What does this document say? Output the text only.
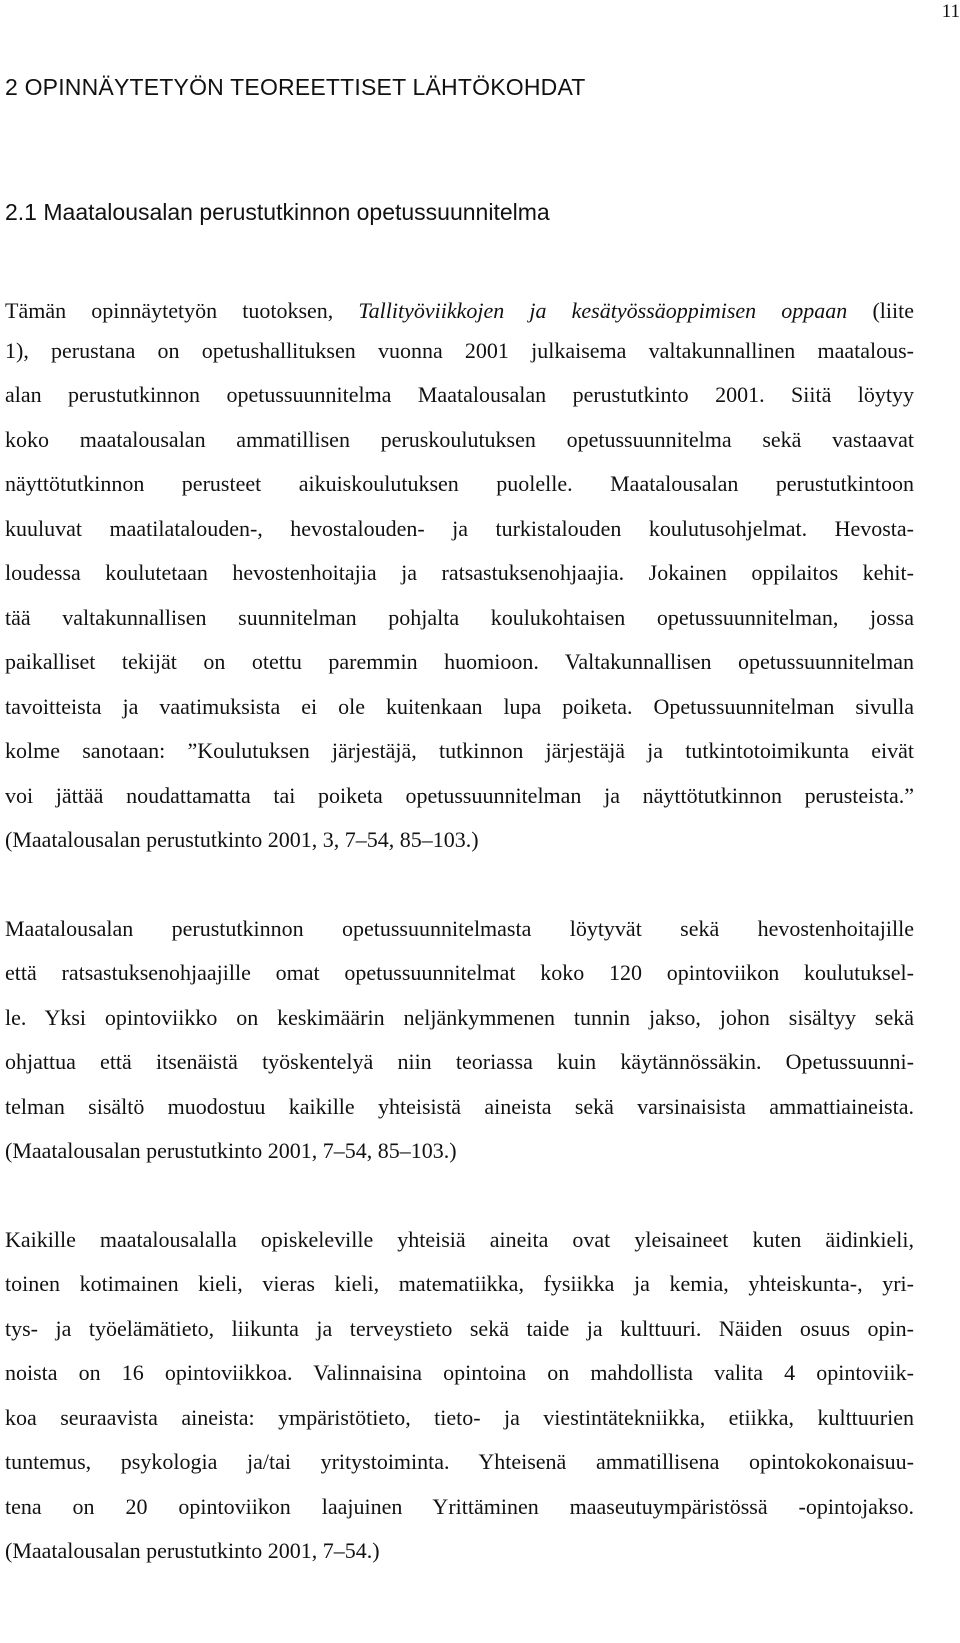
11
2 OPINNÄYTETYÖN TEOREETTISET LÄHTÖKOHDAT
2.1 Maatalousalan perustutkinnon opetussuunnitelma
Tämän opinnäytetyön tuotoksen, Tallityöviikkojen ja kesätyössäoppimisen oppaan (liite
1), perustana on opetushallituksen vuonna 2001 julkaisema valtakunnallinen maatalous-
alan perustutkinnon opetussuunnitelma Maatalousalan perustutkinto 2001. Siitä löytyy
koko maatalousalan ammatillisen peruskoulutuksen opetussuunnitelma sekä vastaavat
näyttötutkinnon perusteet aikuiskoulutuksen puolelle. Maatalousalan perustutkintoon
kuuluvat maatilatalouden-, hevostalouden- ja turkistalouden koulutusohjelmat. Hevosta-
loudessa koulutetaan hevostenhoitajia ja ratsastuksenohjaajia. Jokainen oppilaitos kehit-
tää valtakunnallisen suunnitelman pohjalta koulukohtaisen opetussuunnitelman, jossa
paikalliset tekijät on otettu paremmin huomioon. Valtakunnallisen opetussuunnitelman
tavoitteista ja vaatimuksista ei ole kuitenkaan lupa poiketa. Opetussuunnitelman sivulla
kolme sanotaan: ”Koulutuksen järjestäjä, tutkinnon järjestäjä ja tutkintotoimikunta eivät
voi jättää noudattamatta tai poiketa opetussuunnitelman ja näyttötutkinnon perusteista.”
(Maatalousalan perustutkinto 2001, 3, 7–54, 85–103.)
Maatalousalan perustutkinnon opetussuunnitelmasta löytyvät sekä hevostenhoitajille
että ratsastuksenohjaajille omat opetussuunnitelmat koko 120 opintoviikon koulutuksel-
le. Yksi opintoviikko on keskimäärin neljänkymmenen tunnin jakso, johon sisältyy sekä
ohjattua että itsenäistä työskentelyä niin teoriassa kuin käytännössäkin. Opetussuunni-
telman sisältö muodostuu kaikille yhteisistä aineista sekä varsinaisista ammattiaineista.
(Maatalousalan perustutkinto 2001, 7–54, 85–103.)
Kaikille maatalousalalla opiskeleville yhteisiä aineita ovat yleisaineet kuten äidinkieli,
toinen kotimainen kieli, vieras kieli, matematiikka, fysiikka ja kemia, yhteiskunta-, yri-
tys- ja työelämätieto, liikunta ja terveystieto sekä taide ja kulttuuri. Näiden osuus opin-
noista on 16 opintoviikkoa. Valinnaisina opintoina on mahdollista valita 4 opintoviik-
koa seuraavista aineista: ympäristötieto, tieto- ja viestintätekniikka, etiikka, kulttuurien
tuntemus, psykologia ja/tai yritystoiminta. Yhteisenä ammatillisena opintokokonaisuu-
tena on 20 opintoviikon laajuinen Yrittäminen maaseutuympäristössä -opintojakso.
(Maatalousalan perustutkinto 2001, 7–54.)
